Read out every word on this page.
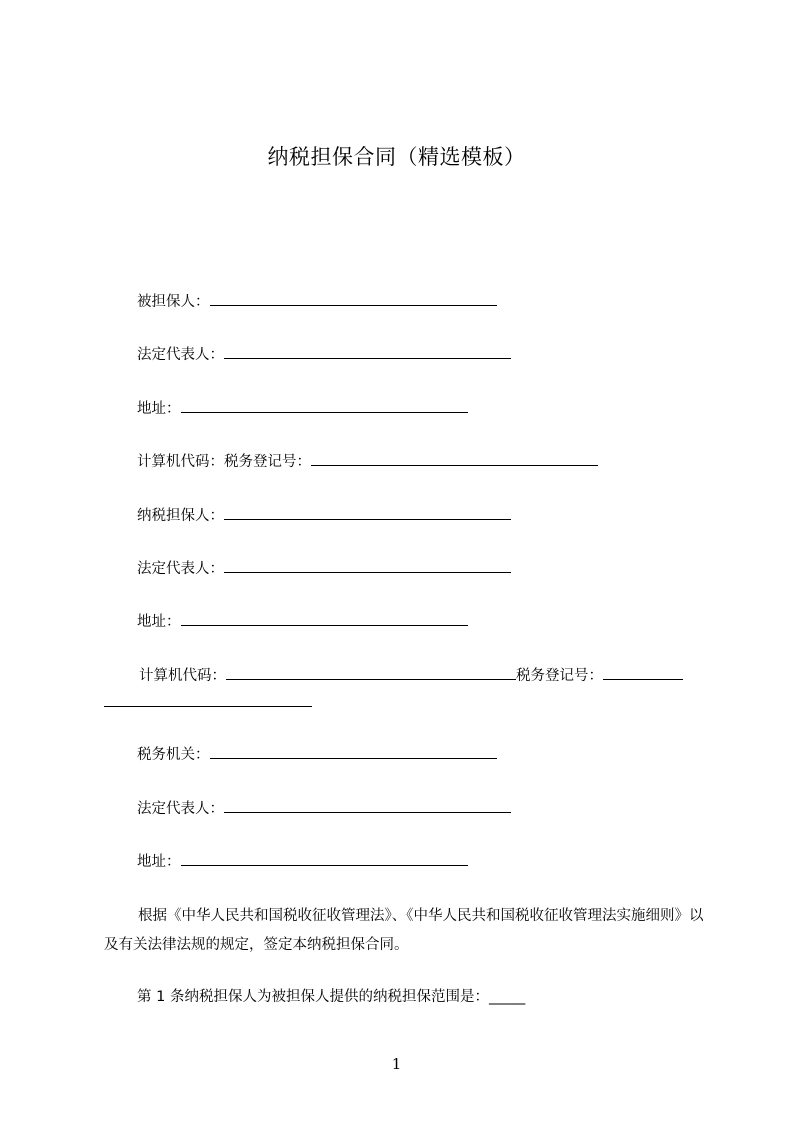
纳税担保合同（精选模板）
被担保人：
法定代表人：
地址：
计算机代码：税务登记号：
纳税担保人：
法定代表人：
地址：
计算机代码：	税务登记号：
税务机关：
法定代表人：
地址：
根据《中华人民共和国税收征收管理法》、《中华人民共和国税收征收管理法实施细则》以及有关法律法规的规定，签定本纳税担保合同。
第 1 条纳税担保人为被担保人提供的纳税担保范围是：_____
1
